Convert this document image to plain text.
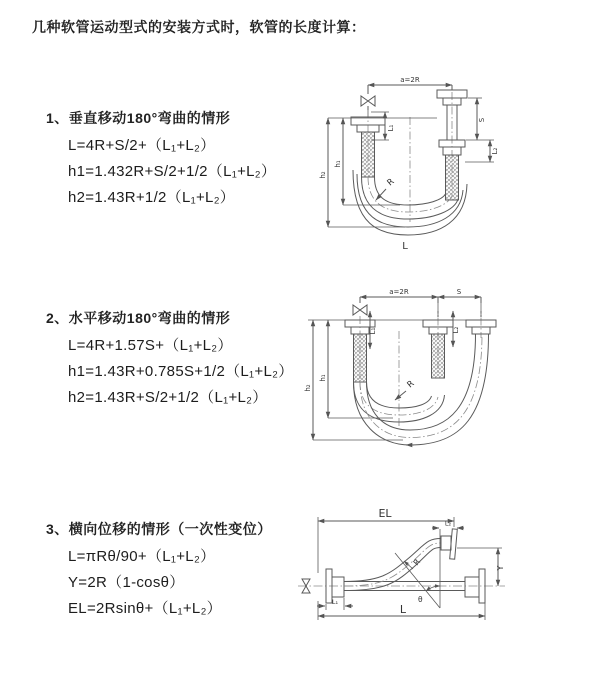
几种软管运动型式的安装方式时，软管的长度计算：
1、垂直移动180°弯曲的情形
L=4R+S/2+（L₁+L₂）
h1=1.432R+S/2+1/2（L₁+L₂）
h2=1.43R+1/2（L₁+L₂）
a=2R
L₁
S
L₂
h₁
h₂
R
L
2、水平移动180°弯曲的情形
L=4R+1.57S+（L₁+L₂）
h1=1.43R+0.785S+1/2（L₁+L₂）
h2=1.43R+S/2+1/2（L₁+L₂）
a=2R	S
L₁	L₂
h₁
h₂	R
3、横向位移的情形（一次性变位）
L=πRθ/90+（L₁+L₂）
Y=2R（1-cosθ）
EL=2Rsinθ+（L₁+L₂）
EL
L₂
Y
R
θ
L
L₁
